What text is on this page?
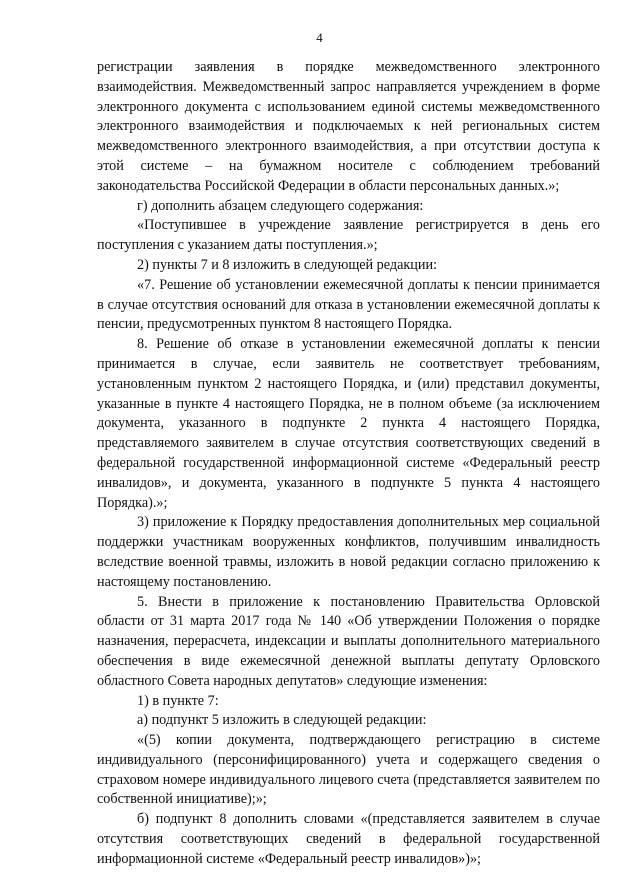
4

регистрации заявления в порядке межведомственного электронного взаимодействия. Межведомственный запрос направляется учреждением в форме электронного документа с использованием единой системы межведомственного электронного взаимодействия и подключаемых к ней региональных систем межведомственного электронного взаимодействия, а при отсутствии доступа к этой системе – на бумажном носителе с соблюдением требований законодательства Российской Федерации в области персональных данных.»;

г) дополнить абзацем следующего содержания:

«Поступившее в учреждение заявление регистрируется в день его поступления с указанием даты поступления.»;

2) пункты 7 и 8 изложить в следующей редакции:

«7. Решение об установлении ежемесячной доплаты к пенсии принимается в случае отсутствия оснований для отказа в установлении ежемесячной доплаты к пенсии, предусмотренных пунктом 8 настоящего Порядка.

8. Решение об отказе в установлении ежемесячной доплаты к пенсии принимается в случае, если заявитель не соответствует требованиям, установленным пунктом 2 настоящего Порядка, и (или) представил документы, указанные в пункте 4 настоящего Порядка, не в полном объеме (за исключением документа, указанного в подпункте 2 пункта 4 настоящего Порядка, представляемого заявителем в случае отсутствия соответствующих сведений в федеральной государственной информационной системе «Федеральный реестр инвалидов», и документа, указанного в подпункте 5 пункта 4 настоящего Порядка).»;

3) приложение к Порядку предоставления дополнительных мер социальной поддержки участникам вооруженных конфликтов, получившим инвалидность вследствие военной травмы, изложить в новой редакции согласно приложению к настоящему постановлению.

5. Внести в приложение к постановлению Правительства Орловской области от 31 марта 2017 года № 140 «Об утверждении Положения о порядке назначения, перерасчета, индексации и выплаты дополнительного материального обеспечения в виде ежемесячной денежной выплаты депутату Орловского областного Совета народных депутатов» следующие изменения:

1) в пункте 7:

а) подпункт 5 изложить в следующей редакции:

«(5) копии документа, подтверждающего регистрацию в системе индивидуального (персонифицированного) учета и содержащего сведения о страховом номере индивидуального лицевого счета (представляется заявителем по собственной инициативе);»;

б) подпункт 8 дополнить словами «(представляется заявителем в случае отсутствия соответствующих сведений в федеральной государственной информационной системе «Федеральный реестр инвалидов»)»;
